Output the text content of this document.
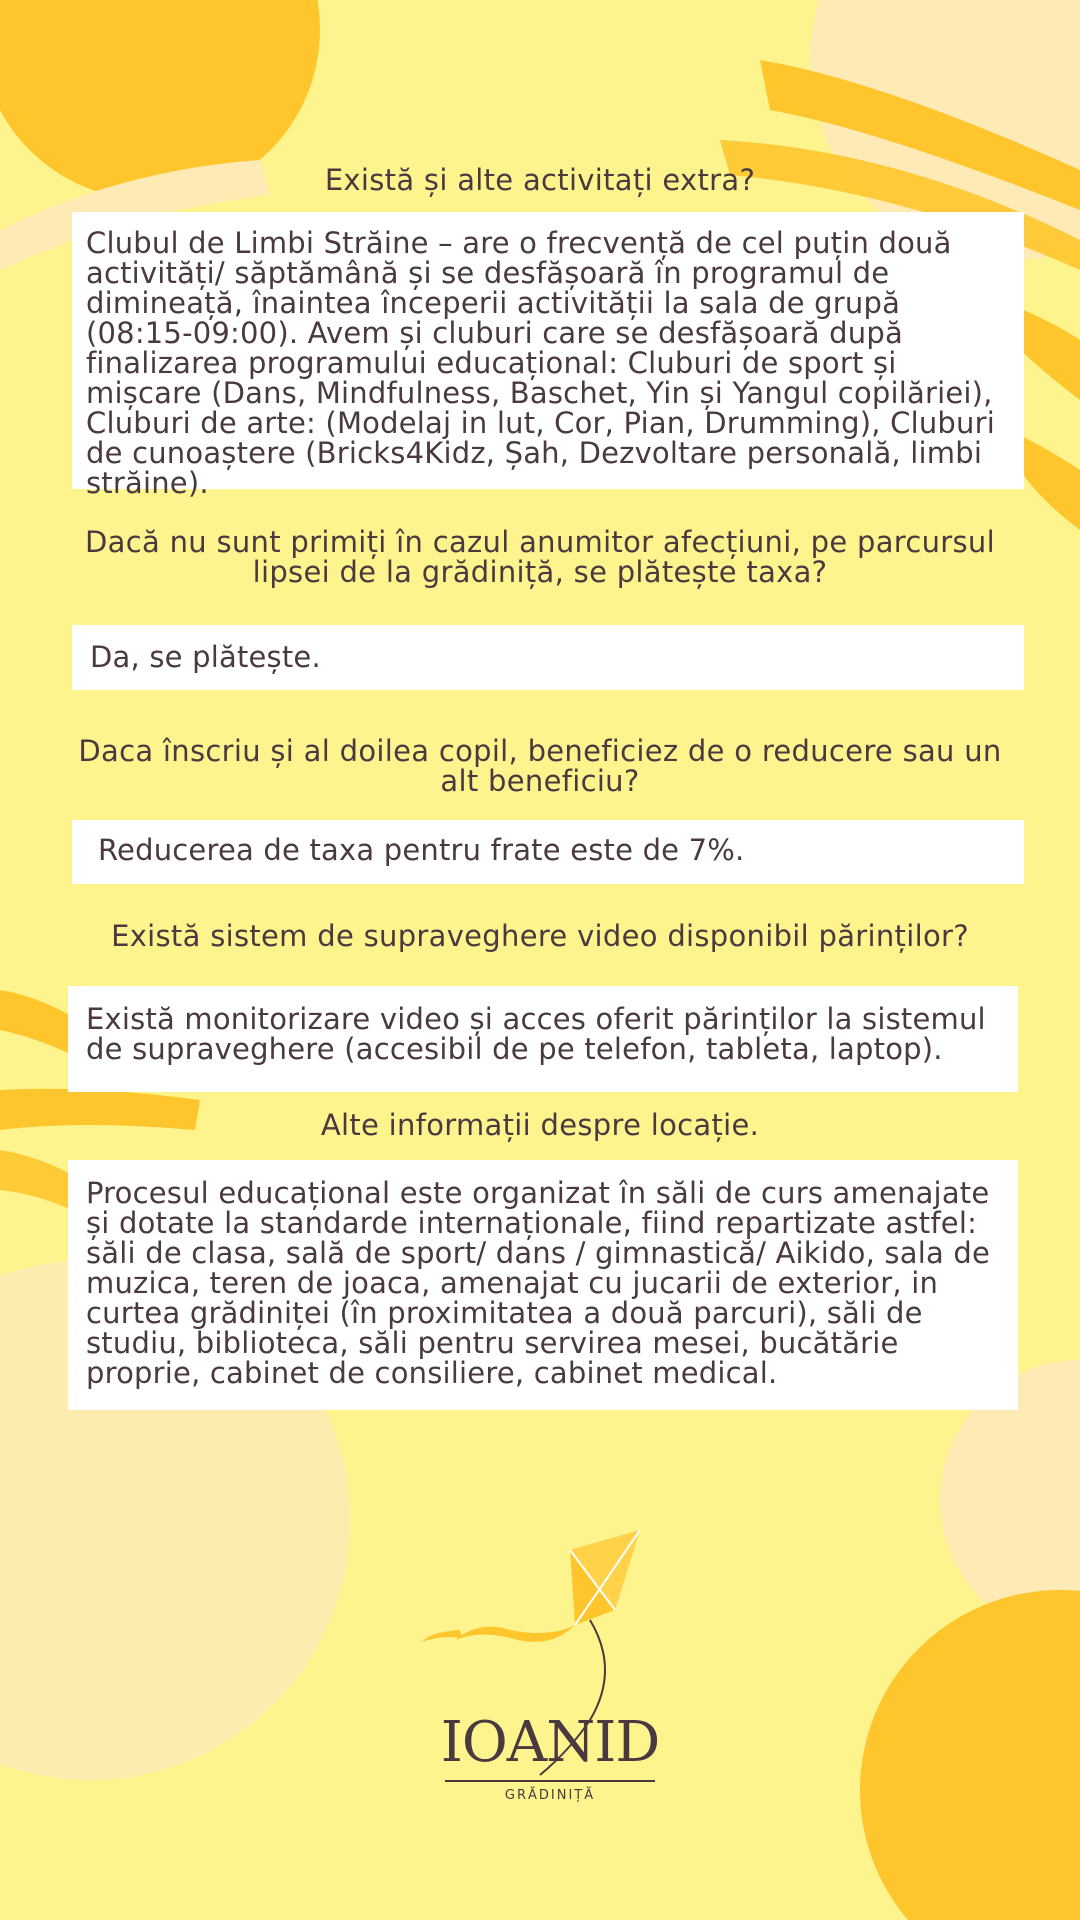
Există și alte activitați extra?
Clubul de Limbi Străine – are o frecvență de cel puțin două activități/ săptămână și se desfășoară în programul de dimineață, înaintea începerii activității la sala de grupă (08:15-09:00). Avem și cluburi care se desfășoară după finalizarea programului educațional: Cluburi de sport și mișcare (Dans, Mindfulness, Baschet, Yin și Yangul copilăriei), Cluburi de arte: (Modelaj in lut, Cor, Pian, Drumming), Cluburi de cunoaștere (Bricks4Kidz, Șah, Dezvoltare personală, limbi străine).
Dacă nu sunt primiți în cazul anumitor afecțiuni, pe parcursul lipsei de la grădiniță, se plătește taxa?
Da, se plătește.
Daca înscriu și al doilea copil, beneficiez de o reducere sau un alt beneficiu?
Reducerea de taxa pentru frate este de 7%.
Există sistem de supraveghere video disponibil părinților?
Există monitorizare video și acces oferit părinților la sistemul de supraveghere (accesibil de pe telefon, tableta, laptop).
Alte informații despre locație.
Procesul educațional este organizat în săli de curs amenajate și dotate la standarde internaționale, fiind repartizate astfel: săli de clasa, sală de sport/ dans / gimnastică/ Aikido, sala de muzica, teren de joaca, amenajat cu jucarii de exterior, in curtea grădiniței (în proximitatea a două parcuri), săli de studiu, biblioteca, săli pentru servirea mesei, bucătărie proprie, cabinet de consiliere, cabinet medical.
IOANID
GRĂDINIȚĂ
